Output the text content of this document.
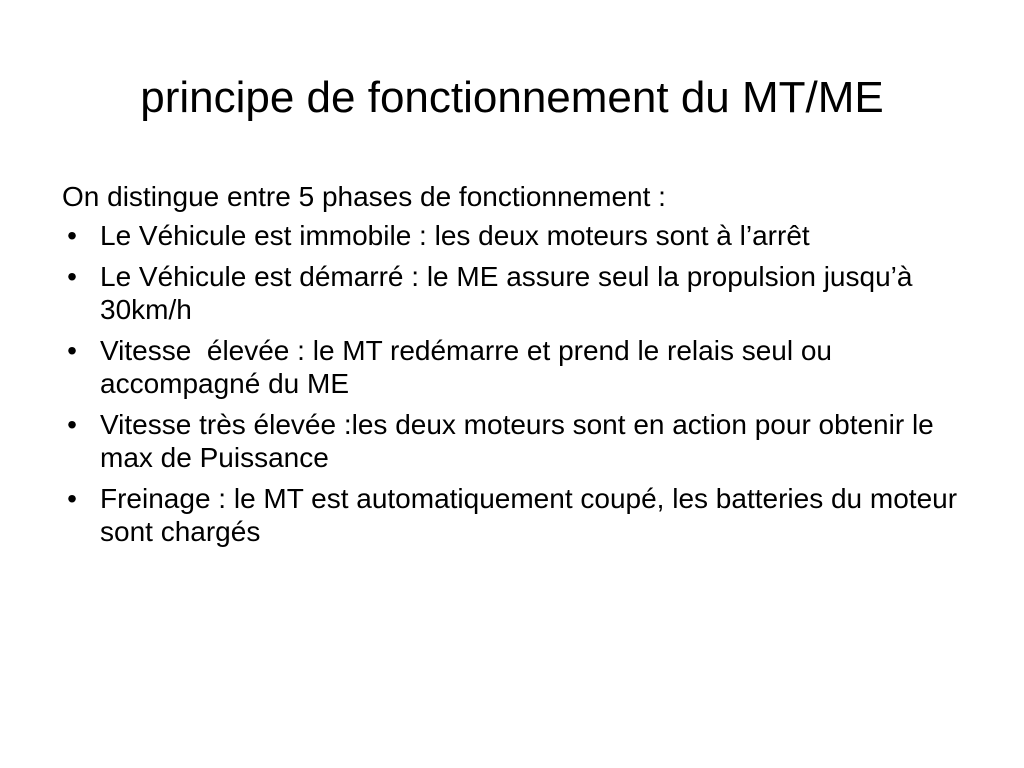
principe de fonctionnement du MT/ME

On distingue entre 5 phases de fonctionnement :

• Le Véhicule est immobile : les deux moteurs sont à l’arrêt
• Le Véhicule est démarré : le ME assure seul la propulsion jusqu’à 30km/h
• Vitesse  élevée : le MT redémarre et prend le relais seul ou  accompagné du ME
• Vitesse très élevée :les deux moteurs sont en action pour obtenir le max de Puissance
• Freinage : le MT est automatiquement coupé, les batteries du moteur sont chargés
